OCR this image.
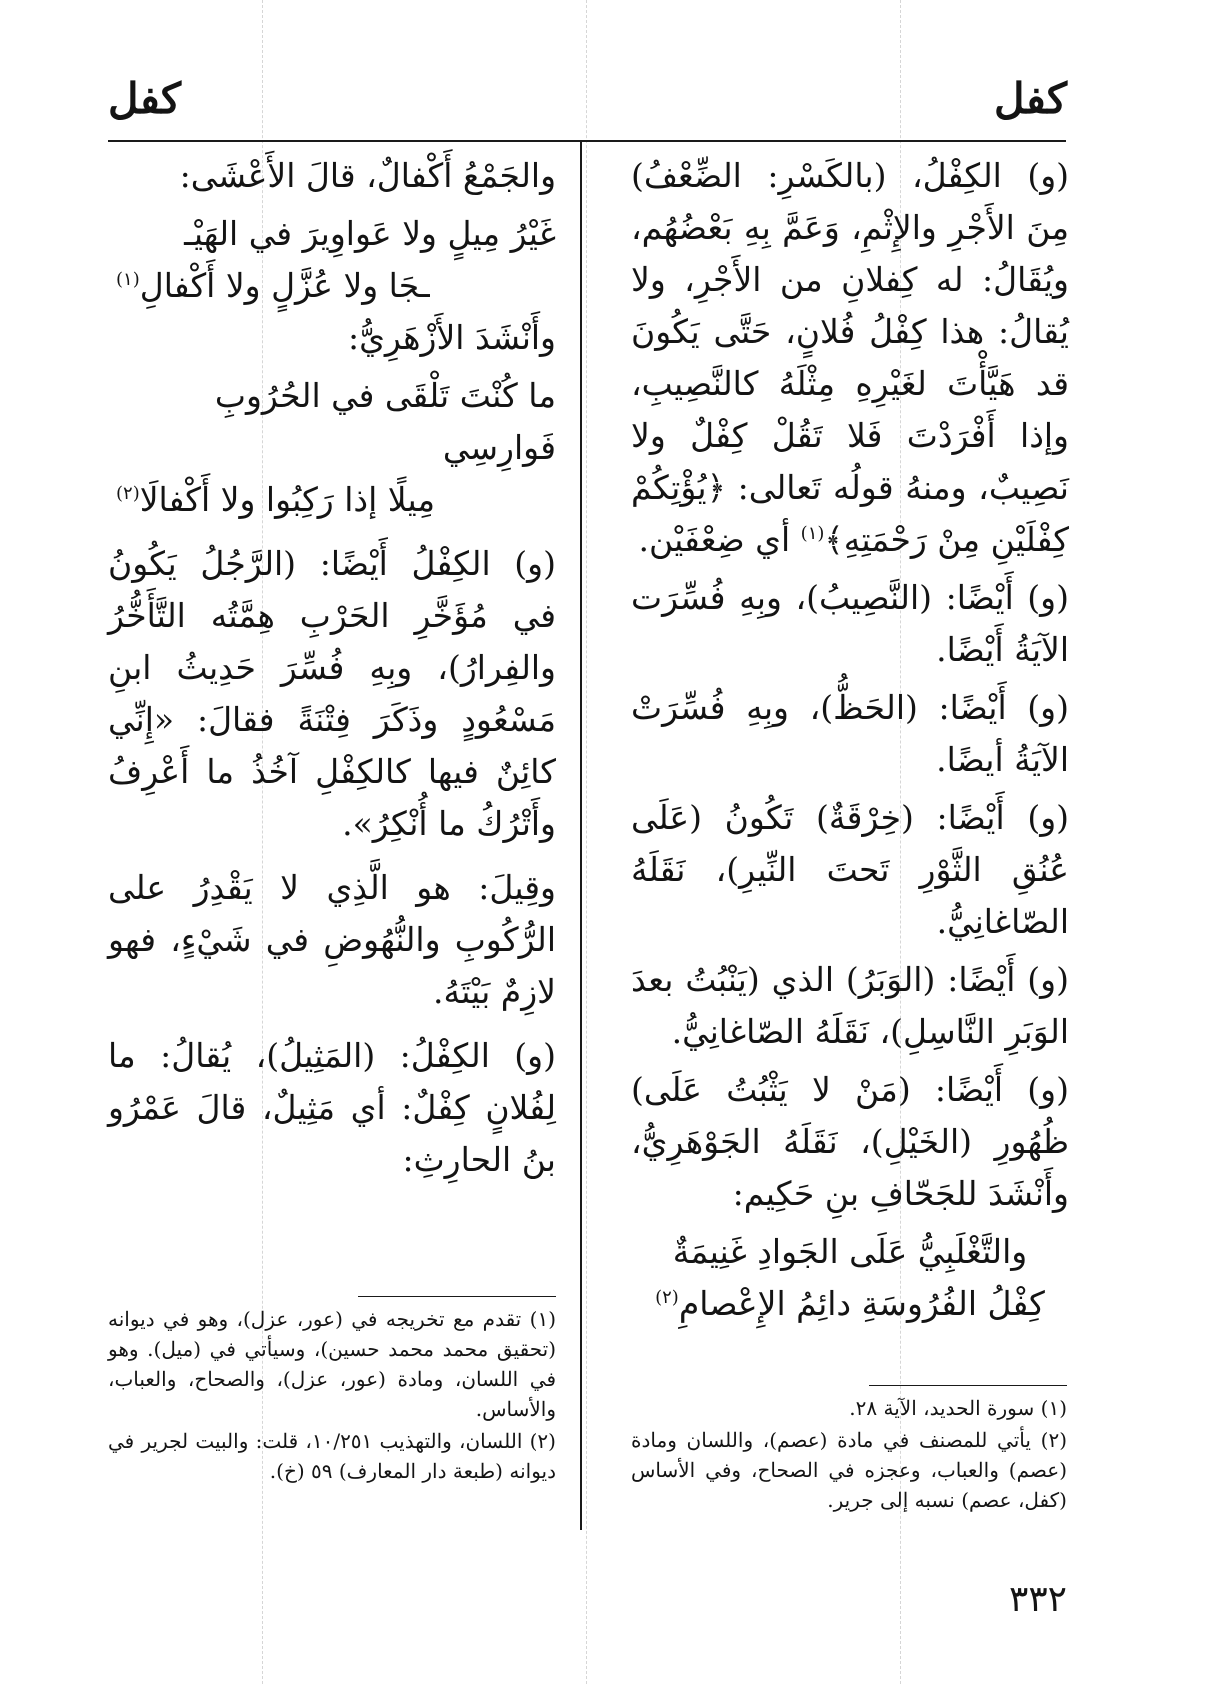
كفل	كفل

(و) الكِفْلُ، (بالكَسْرِ: الضِّعْفُ) مِنَ الأَجْرِ والإِثْمِ، وَعَمَّ بِهِ بَعْضُهُم، ويُقَالُ: له كِفلانِ من الأَجْرِ، ولا يُقالُ: هذا كِفْلُ فُلانٍ، حَتَّى يَكُونَ قد هَيَّأْتَ لغَيْرِهِ مِثْلَهُ كالنَّصِيبِ، وإذا أَفْرَدْتَ فَلا تَقُلْ كِفْلٌ ولا نَصِيبٌ، ومنهُ قولُه تَعالى: ﴿يُؤْتِكُمْ كِفْلَيْنِ مِنْ رَحْمَتِهِ﴾$^{(١)}$ أي ضِعْفَيْن.

(و) أَيْضًا: (النَّصِيبُ)، وبِهِ فُسِّرَت الآيَةُ أَيْضًا.

(و) أَيْضًا: (الحَظُّ)، وبِهِ فُسِّرَتْ الآيَةُ أيضًا.

(و) أَيْضًا: (خِرْقَةٌ) تَكُونُ (عَلَى عُنُقِ الثَّوْرِ تَحتَ النِّيرِ)، نَقَلَهُ الصّاغانِيُّ.

(و) أَيْضًا: (الوَبَرُ) الذي (يَنْبُتُ بعدَ الوَبَرِ النَّاسِلِ)، نَقَلَهُ الصّاغانِيُّ.

(و) أَيْضًا: (مَنْ لا يَثْبُتُ عَلَى) ظُهُورِ (الخَيْلِ)، نَقَلَهُ الجَوْهَرِيُّ، وأَنْشَدَ للجَحّافِ بنِ حَكِيم:

والتَّغْلَبِيُّ عَلَى الجَوادِ غَنِيمَةٌ
كِفْلُ الفُرُوسَةِ دائِمُ الإِعْصامِ$^{(٢)}$

والجَمْعُ أَكْفالٌ، قالَ الأَعْشَى:

غَيْرُ مِيلٍ ولا عَواوِيرَ في الهَيْـ
ـجَا ولا عُزَّلٍ ولا أَكْفالِ$^{(١)}$

وأَنْشَدَ الأَزْهَرِيُّ:

ما كُنْتَ تَلْقَى في الحُرُوبِ فَوارِسِي
مِيلًا إذا رَكِبُوا ولا أَكْفالَا$^{(٢)}$

(و) الكِفْلُ أَيْضًا: (الرَّجُلُ يَكُونُ في مُؤَخَّرِ الحَرْبِ هِمَّتُه التَّأَخُّرُ والفِرارُ)، وبِهِ فُسِّرَ حَدِيثُ ابنِ مَسْعُودٍ وذَكَرَ فِتْنَةً فقالَ: «إِنِّي كائِنٌ فيها كالكِفْلِ آخُذُ ما أَعْرِفُ وأَتْرُكُ ما أُنْكِرُ».

وقِيلَ: هو الَّذِي لا يَقْدِرُ على الرُّكُوبِ والنُّهُوضِ في شَيْءٍ، فهو لازِمٌ بَيْتَهُ.

(و) الكِفْلُ: (المَثِيلُ)، يُقالُ: ما لِفُلانٍ كِفْلٌ: أي مَثِيلٌ، قالَ عَمْرُو بنُ الحارِثِ:

(١) تقدم مع تخريجه في (عور، عزل)، وهو في ديوانه (تحقيق محمد محمد حسين)، وسيأتي في (ميل). وهو في اللسان، ومادة (عور، عزل)، والصحاح، والعباب، والأساس.
(٢) اللسان، والتهذيب ١٠/٢٥١، قلت: والبيت لجرير في ديوانه (طبعة دار المعارف) ٥٩ (خ).
(١) سورة الحديد، الآية ٢٨.
(٢) يأتي للمصنف في مادة (عصم)، واللسان ومادة (عصم) والعباب، وعجزه في الصحاح، وفي الأساس (كفل، عصم) نسبه إلى جرير.
٣٣٢
